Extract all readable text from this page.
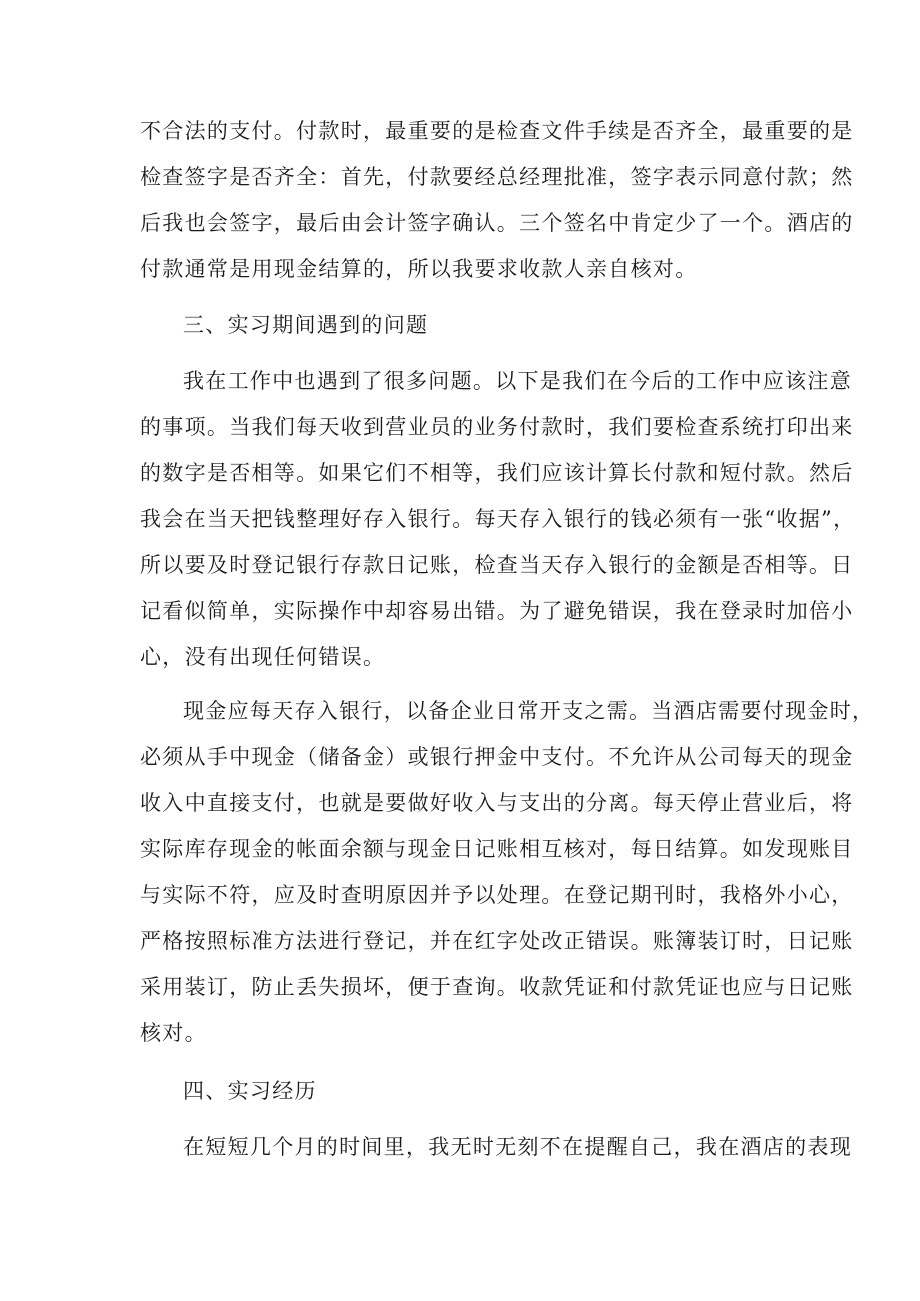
不合法的支付。付款时，最重要的是检查文件手续是否齐全，最重要的是
检查签字是否齐全：首先，付款要经总经理批准，签字表示同意付款；然
后我也会签字，最后由会计签字确认。三个签名中肯定少了一个。酒店的
付款通常是用现金结算的，所以我要求收款人亲自核对。
三、实习期间遇到的问题
我在工作中也遇到了很多问题。以下是我们在今后的工作中应该注意
的事项。当我们每天收到营业员的业务付款时，我们要检查系统打印出来
的数字是否相等。如果它们不相等，我们应该计算长付款和短付款。然后
我会在当天把钱整理好存入银行。每天存入银行的钱必须有一张“收据”，
所以要及时登记银行存款日记账，检查当天存入银行的金额是否相等。日
记看似简单，实际操作中却容易出错。为了避免错误，我在登录时加倍小
心，没有出现任何错误。
现金应每天存入银行，以备企业日常开支之需。当酒店需要付现金时，
必须从手中现金（储备金）或银行押金中支付。不允许从公司每天的现金
收入中直接支付，也就是要做好收入与支出的分离。每天停止营业后，将
实际库存现金的帐面余额与现金日记账相互核对，每日结算。如发现账目
与实际不符，应及时查明原因并予以处理。在登记期刊时，我格外小心，
严格按照标准方法进行登记，并在红字处改正错误。账簿装订时，日记账
采用装订，防止丢失损坏，便于查询。收款凭证和付款凭证也应与日记账
核对。
四、实习经历
在短短几个月的时间里，我无时无刻不在提醒自己，我在酒店的表现
